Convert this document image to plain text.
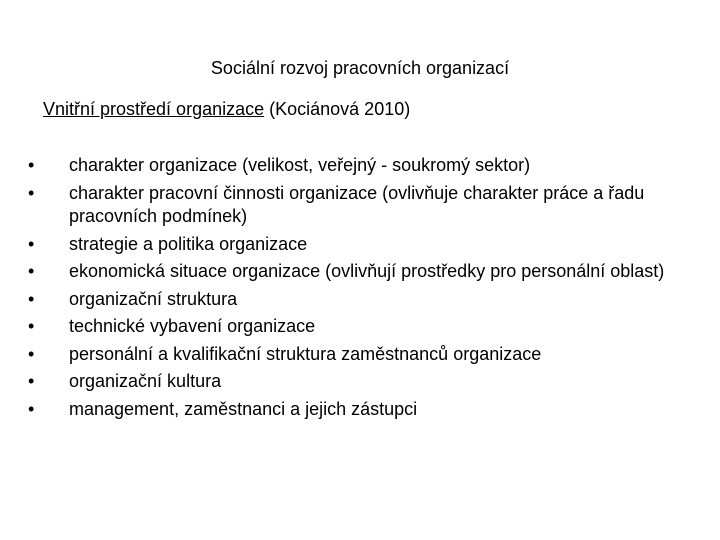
Sociální rozvoj pracovních organizací
Vnitřní prostředí organizace (Kociánová 2010)
•	charakter organizace (velikost, veřejný - soukromý sektor)
•	charakter pracovní činnosti organizace (ovlivňuje charakter práce a řadu pracovních podmínek)
•	strategie a politika organizace
•	ekonomická situace organizace (ovlivňují prostředky pro personální oblast)
•	organizační struktura
•	technické vybavení organizace
•	personální a kvalifikační struktura zaměstnanců organizace
•	organizační kultura
•	management, zaměstnanci a jejich zástupci
